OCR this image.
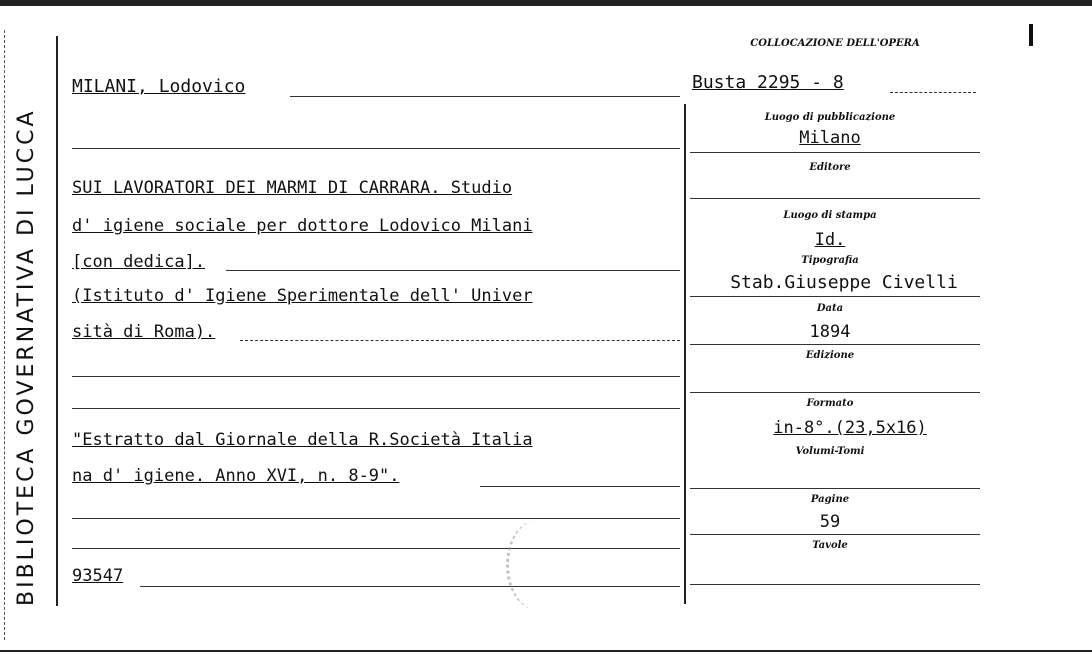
BIBLIOTECA GOVERNATIVA DI LUCCA
COLLOCAZIONE DELL'OPERA
Busta 2295 - 8
MILANI, Lodovico
SUI LAVORATORI DEI MARMI DI CARRARA. Studio
d' igiene sociale per dottore Lodovico Milani
[con dedica].
(Istituto d' Igiene Sperimentale dell' Univer
sità di Roma).
"Estratto dal Giornale della R.Società Italia
na d' igiene. Anno XVI, n. 8-9".
93547
Luogo di pubblicazione
Milano
Editore
Luogo di stampa
Id.
Tipografia
Stab.Giuseppe Civelli
Data
1894
Edizione
Formato
in-8°.(23,5x16)
Volumi-Tomi
Pagine
59
Tavole
